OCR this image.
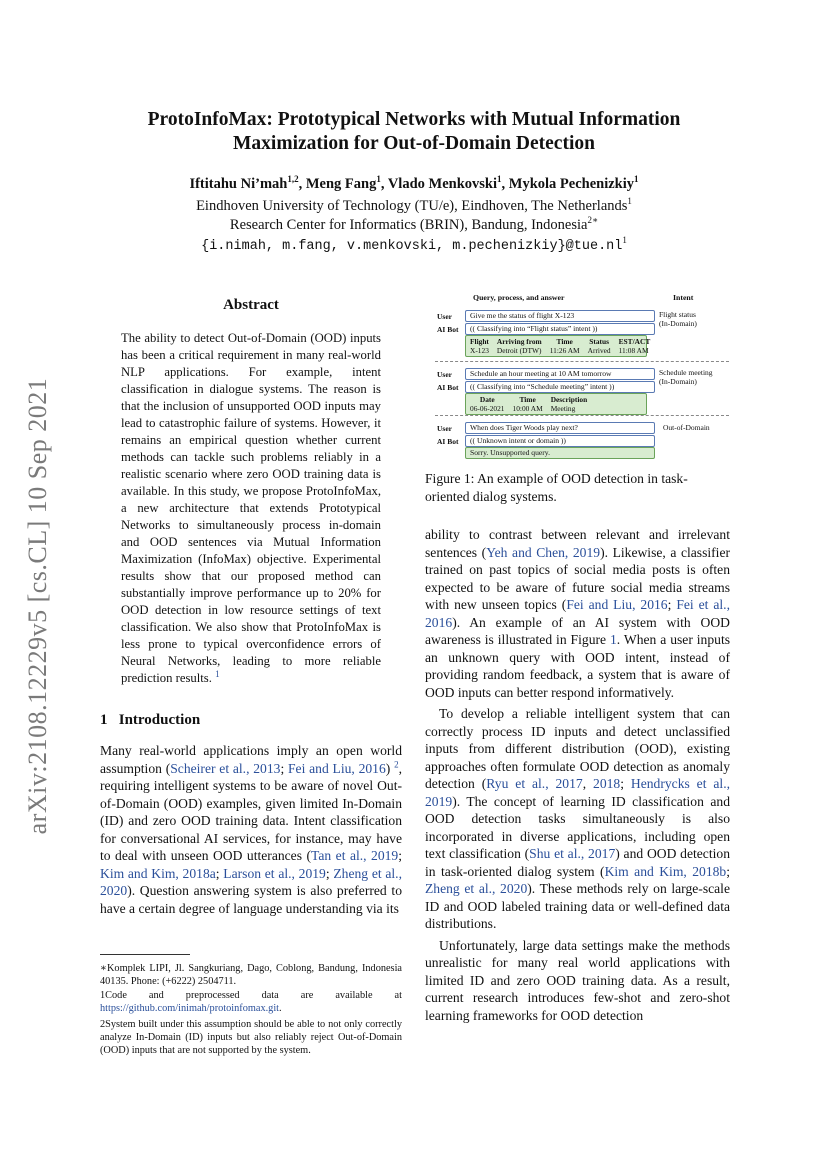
arXiv:2108.12229v5 [cs.CL] 10 Sep 2021
ProtoInfoMax: Prototypical Networks with Mutual Information
Maximization for Out-of-Domain Detection
Iftitahu Ni’mah$^{1,2}$, Meng Fang$^1$, Vlado Menkovski$^1$, Mykola Pechenizkiy$^1$
Eindhoven University of Technology (TU/e), Eindhoven, The Netherlands$^1$
Research Center for Informatics (BRIN), Bandung, Indonesia$^{2∗}$
{i.nimah, m.fang, v.menkovski, $m.pechenizkiy\}@tue.nl^1$
Abstract
The ability to detect Out-of-Domain (OOD) inputs has been a critical requirement in many real-world NLP applications. For example, intent classification in dialogue systems. The reason is that the inclusion of unsupported OOD inputs may lead to catastrophic failure of systems. However, it remains an empirical question whether current methods can tackle such problems reliably in a realistic scenario where zero OOD training data is available. In this study, we propose ProtoInfoMax, a new architecture that extends Prototypical Networks to simultaneously process in-domain and OOD sentences via Mutual Information Maximization (InfoMax) objective. Experimental results show that our proposed method can substantially improve performance up to 20% for OOD detection in low resource settings of text classification. We also show that ProtoInfoMax is less prone to typical overconfidence errors of Neural Networks, leading to more reliable prediction results. $^1$
1 Introduction

Many real-world applications imply an open world assumption (Scheirer et al., 2013; Fei and Liu, 2016) $^2$, requiring intelligent systems to be aware of novel Out-of-Domain (OOD) examples, given limited In-Domain (ID) and zero OOD training data. Intent classification for conversational AI services, for instance, may have to deal with unseen OOD utterances (Tan et al., 2019; Kim and Kim, 2018a; Larson et al., 2019; Zheng et al., 2020). Question answering system is also preferred to have a certain degree of language understanding via its

∗Komplek LIPI, Jl. Sangkuriang, Dago, Coblong, Bandung, Indonesia 40135. Phone: (+6222) 2504711.
1Code and preprocessed data are available at https://github.com/inimah/protoinfomax.git.
2System built under this assumption should be able to not only correctly analyze In-Domain (ID) inputs but also reliably reject Out-of-Domain (OOD) inputs that are not supported by the system.
Query, process, and answer	Intent
User	Give me the status of flight X-123
AI Bot	(( Classifying into “Flight status” intent ))
Flight	Arriving from	Time	Status	EST/ACT
X-123	Detroit (DTW)	11:26 AM	Arrived	11:08 AM
Flight status
(In-Domain)
User	Schedule an hour meeting at 10 AM tomorrow
AI Bot	(( Classifying into “Schedule meeting” intent ))
Date	Time	Description
06-06-2021	10:00 AM	Meeting
Schedule meeting
(In-Domain)
User	When does Tiger Woods play next?
AI Bot	(( Unknown intent or domain ))
Sorry. Unsupported query.
Out-of-Domain
Figure 1: An example of OOD detection in task-oriented dialog systems.

ability to contrast between relevant and irrelevant sentences (Yeh and Chen, 2019). Likewise, a classifier trained on past topics of social media posts is often expected to be aware of future social media streams with new unseen topics (Fei and Liu, 2016; Fei et al., 2016). An example of an AI system with OOD awareness is illustrated in Figure 1. When a user inputs an unknown query with OOD intent, instead of providing random feedback, a system that is aware of OOD inputs can better respond informatively.

To develop a reliable intelligent system that can correctly process ID inputs and detect unclassified inputs from different distribution (OOD), existing approaches often formulate OOD detection as anomaly detection (Ryu et al., 2017, 2018; Hendrycks et al., 2019). The concept of learning ID classification and OOD detection tasks simultaneously is also incorporated in diverse applications, including open text classification (Shu et al., 2017) and OOD detection in task-oriented dialog system (Kim and Kim, 2018b; Zheng et al., 2020). These methods rely on large-scale ID and OOD labeled training data or well-defined data distributions.

Unfortunately, large data settings make the methods unrealistic for many real world applications with limited ID and zero OOD training data. As a result, current research introduces few-shot and zero-shot learning frameworks for OOD detection
